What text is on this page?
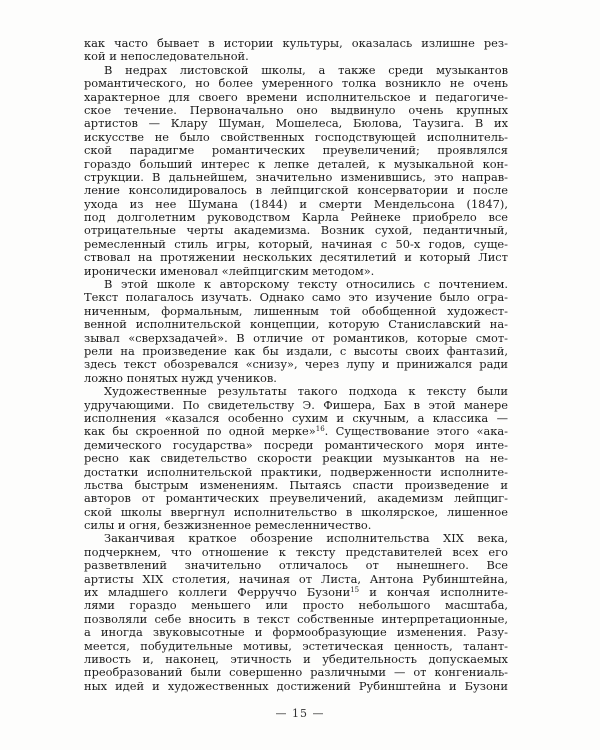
как часто бывает в истории культуры, оказалась излишне рез-
кой и непоследовательной.
В недрах листовской школы, а также среди музыкантов
романтического, но более умеренного толка возникло не очень
характерное для своего времени исполнительское и педагогиче-
ское течение. Первоначально оно выдвинуло очень крупных
артистов — Клару Шуман, Мошелеса, Бюлова, Таузига. В их
искусстве не было свойственных господствующей исполнитель-
ской парадигме романтических преувеличений; проявлялся
гораздо больший интерес к лепке деталей, к музыкальной кон-
струкции. В дальнейшем, значительно изменившись, это направ-
ление консолидировалось в лейпцигской консерватории и после
ухода из нее Шумана (1844) и смерти Мендельсона (1847),
под долголетним руководством Карла Рейнеке приобрело все
отрицательные черты академизма. Возник сухой, педантичный,
ремесленный стиль игры, который, начиная с 50-х годов, суще-
ствовал на протяжении нескольких десятилетий и который Лист
иронически именовал «лейпцигским методом».
В этой школе к авторскому тексту относились с почтением.
Текст полагалось изучать. Однако само это изучение было огра-
ниченным, формальным, лишенным той обобщенной художест-
венной исполнительской концепции, которую Станиславский на-
зывал «сверхзадачей». В отличие от романтиков, которые смот-
рели на произведение как бы издали, с высоты своих фантазий,
здесь текст обозревался «снизу», через лупу и принижался ради
ложно понятых нужд учеников.
Художественные результаты такого подхода к тексту были
удручающими. По свидетельству Э. Фишера, Бах в этой манере
исполнения «казался особенно сухим и скучным, а классика —
как бы скроенной по одной мерке»$^{16}$. Существование этого «ака-
демического государства» посреди романтического моря инте-
ресно как свидетельство скорости реакции музыкантов на не-
достатки исполнительской практики, подверженности исполните-
льства быстрым изменениям. Пытаясь спасти произведение и
авторов от романтических преувеличений, академизм лейпциг-
ской школы ввергнул исполнительство в школярское, лишенное
силы и огня, безжизненное ремесленничество.
Заканчивая краткое обозрение исполнительства XIX века,
подчеркнем, что отношение к тексту представителей всех его
разветвлений значительно отличалось от нынешнего. Все
артисты XIX столетия, начиная от Листа, Антона Рубинштейна,
их младшего коллеги Ферруччо Бузони$^{15}$ и кончая исполните-
лями гораздо меньшего или просто небольшого масштаба,
позволяли себе вносить в текст собственные интерпретационные,
а иногда звуковысотные и формообразующие изменения. Разу-
меется, побудительные мотивы, эстетическая ценность, талант-
ливость и, наконец, этичность и убедительность допускаемых
преобразований были совершенно различными — от конгениаль-
ных идей и художественных достижений Рубинштейна и Бузони
— 15 —
